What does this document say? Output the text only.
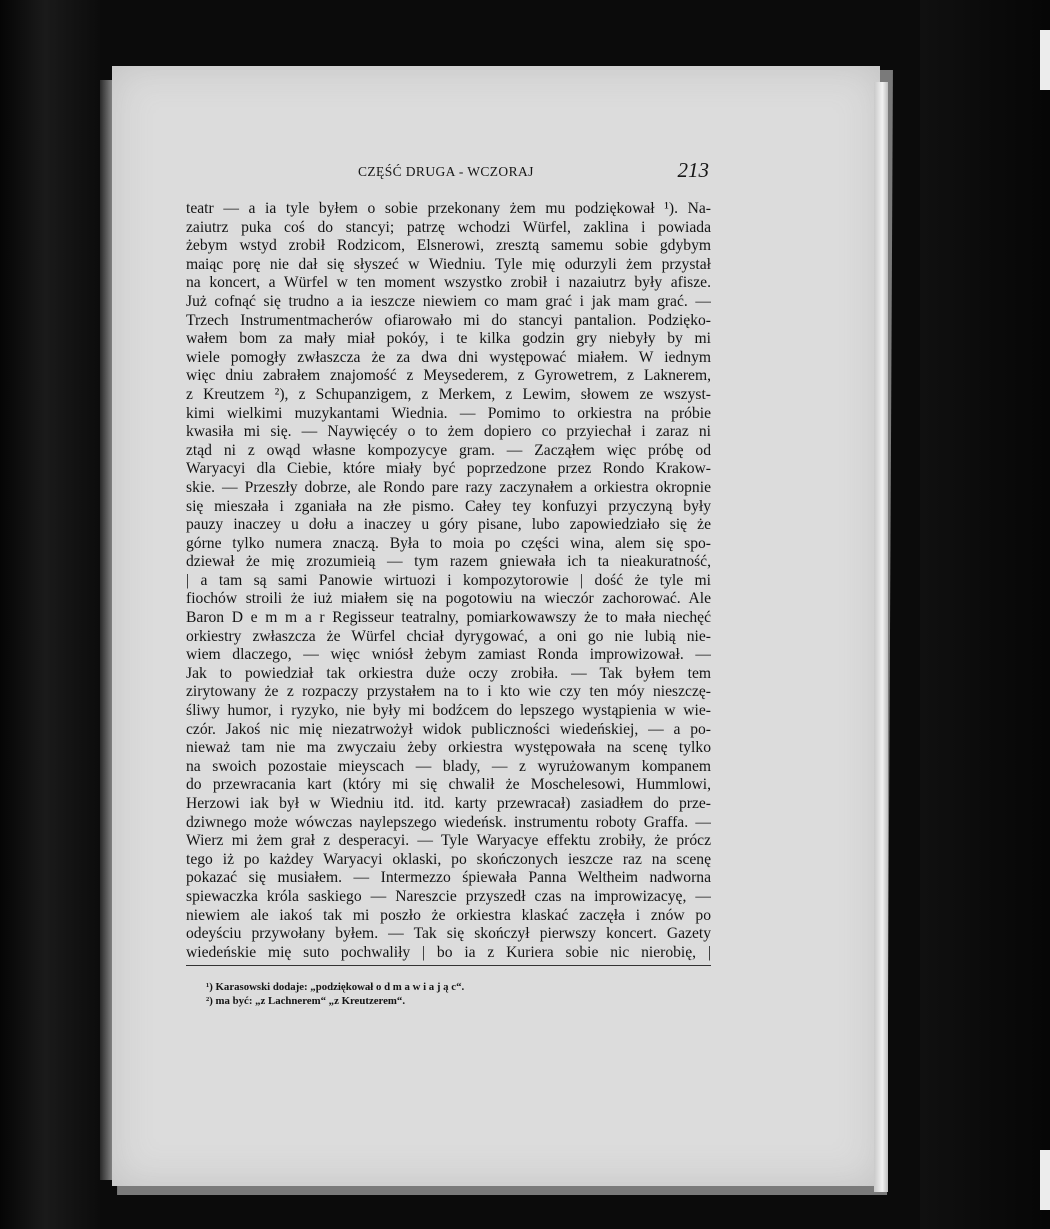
CZĘŚĆ DRUGA - WCZORAJ	213
teatr — a ia tyle byłem o sobie przekonany żem mu podziękował ¹). Na-
zaiutrz puka coś do stancyi; patrzę wchodzi Würfel, zaklina i powiada
żebym wstyd zrobił Rodzicom, Elsnerowi, zresztą samemu sobie gdybym
maiąc porę nie dał się słyszeć w Wiedniu. Tyle mię odurzyli żem przystał
na koncert, a Würfel w ten moment wszystko zrobił i nazaiutrz były afisze.
Już cofnąć się trudno a ia ieszcze niewiem co mam grać i jak mam grać. —
Trzech Instrumentmacherów ofiarowało mi do stancyi pantalion. Podzięko-
wałem bom za mały miał pokóy, i te kilka godzin gry niebyły by mi
wiele pomogły zwłaszcza że za dwa dni występować miałem. W iednym
więc dniu zabrałem znajomość z Meysederem, z Gyrowetrem, z Laknerem,
z Kreutzem ²), z Schupanzigem, z Merkem, z Lewim, słowem ze wszyst-
kimi wielkimi muzykantami Wiednia. — Pomimo to orkiestra na próbie
kwasiła mi się. — Naywięcéy o to żem dopiero co przyiechał i zaraz ni
ztąd ni z owąd własne kompozycye gram. — Zacząłem więc próbę od
Waryacyi dla Ciebie, które miały być poprzedzone przez Rondo Krakow-
skie. — Przeszły dobrze, ale Rondo pare razy zaczynałem a orkiestra okropnie
się mieszała i zganiała na złe pismo. Całey tey konfuzyi przyczyną były
pauzy inaczey u dołu a inaczey u góry pisane, lubo zapowiedziało się że
górne tylko numera znaczą. Była to moia po części wina, alem się spo-
dziewał że mię zrozumieią — tym razem gniewała ich ta nieakuratność,
| a tam są sami Panowie wirtuozi i kompozytorowie | dość że tyle mi
fiochów stroili że iuż miałem się na pogotowiu na wieczór zachorować. Ale
Baron D e m m a r Regisseur teatralny, pomiarkowawszy że to mała niechęć
orkiestry zwłaszcza że Würfel chciał dyrygować, a oni go nie lubią nie-
wiem dlaczego, — więc wniósł żebym zamiast Ronda improwizował. —
Jak to powiedział tak orkiestra duże oczy zrobiła. — Tak byłem tem
zirytowany że z rozpaczy przystałem na to i kto wie czy ten móy nieszczę-
śliwy humor, i ryzyko, nie były mi bodźcem do lepszego wystąpienia w wie-
czór. Jakoś nic mię niezatrwożył widok publiczności wiedeńskiej, — a po-
nieważ tam nie ma zwyczaiu żeby orkiestra występowała na scenę tylko
na swoich pozostaie mieyscach — blady, — z wyrużowanym kompanem
do przewracania kart (który mi się chwalił że Moschelesowi, Hummlowi,
Herzowi iak był w Wiedniu itd. itd. karty przewracał) zasiadłem do prze-
dziwnego może wówczas naylepszego wiedeńsk. instrumentu roboty Graffa. —
Wierz mi żem grał z desperacyi. — Tyle Waryacye effektu zrobiły, że prócz
tego iż po każdey Waryacyi oklaski, po skończonych ieszcze raz na scenę
pokazać się musiałem. — Intermezzo śpiewała Panna Weltheim nadworna
spiewaczka króla saskiego — Nareszcie przyszedł czas na improwizacyę, —
niewiem ale iakoś tak mi poszło że orkiestra klaskać zaczęła i znów po
odeyściu przywołany byłem. — Tak się skończył pierwszy koncert. Gazety
wiedeńskie mię suto pochwaliły | bo ia z Kuriera sobie nic nierobię, |
¹) Karasowski dodaje: „podziękował o d m a w i a j ą c“.
²) ma być: „z Lachnerem“ „z Kreutzerem“.
